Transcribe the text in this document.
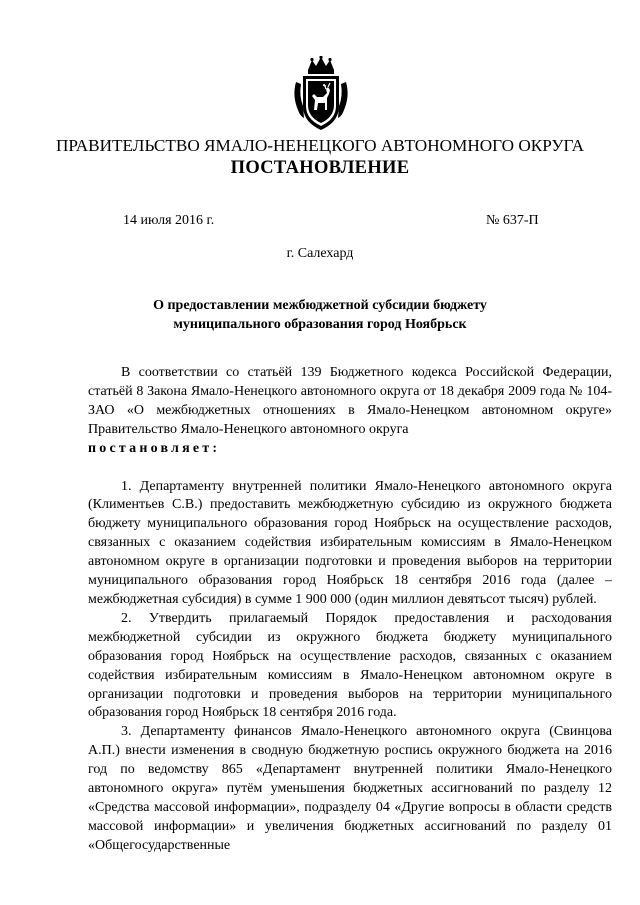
ПРАВИТЕЛЬСТВО ЯМАЛО-НЕНЕЦКОГО АВТОНОМНОГО ОКРУГА
ПОСТАНОВЛЕНИЕ
14 июля 2016 г.	№ 637-П
г. Салехард
О предоставлении межбюджетной субсидии бюджету
муниципального образования город Ноябрьск

В соответствии со статьёй 139 Бюджетного кодекса Российской Федерации, статьёй 8 Закона Ямало-Ненецкого автономного округа от 18 декабря 2009 года № 104-ЗАО «О межбюджетных отношениях в Ямало-Ненецком автономном округе» Правительство Ямало-Ненецкого автономного округа

постановляет:

1. Департаменту внутренней политики Ямало-Ненецкого автономного округа (Климентьев С.В.) предоставить межбюджетную субсидию из окружного бюджета бюджету муниципального образования город Ноябрьск на осуществление расходов, связанных с оказанием содействия избирательным комиссиям в Ямало-Ненецком автономном округе в организации подготовки и проведения выборов на территории муниципального образования город Ноябрьск 18 сентября 2016 года (далее – межбюджетная субсидия) в сумме 1 900 000 (один миллион девятьсот тысяч) рублей.

2. Утвердить прилагаемый Порядок предоставления и расходования межбюджетной субсидии из окружного бюджета бюджету муниципального образования город Ноябрьск на осуществление расходов, связанных с оказанием содействия избирательным комиссиям в Ямало-Ненецком автономном округе в организации подготовки и проведения выборов на территории муниципального образования город Ноябрьск 18 сентября 2016 года.

3. Департаменту финансов Ямало-Ненецкого автономного округа (Свинцова А.П.) внести изменения в сводную бюджетную роспись окружного бюджета на 2016 год по ведомству 865 «Департамент внутренней политики Ямало-Ненецкого автономного округа» путём уменьшения бюджетных ассигнований по разделу 12 «Средства массовой информации», подразделу 04 «Другие вопросы в области средств массовой информации» и увеличения бюджетных ассигнований по разделу 01 «Общегосударственные
